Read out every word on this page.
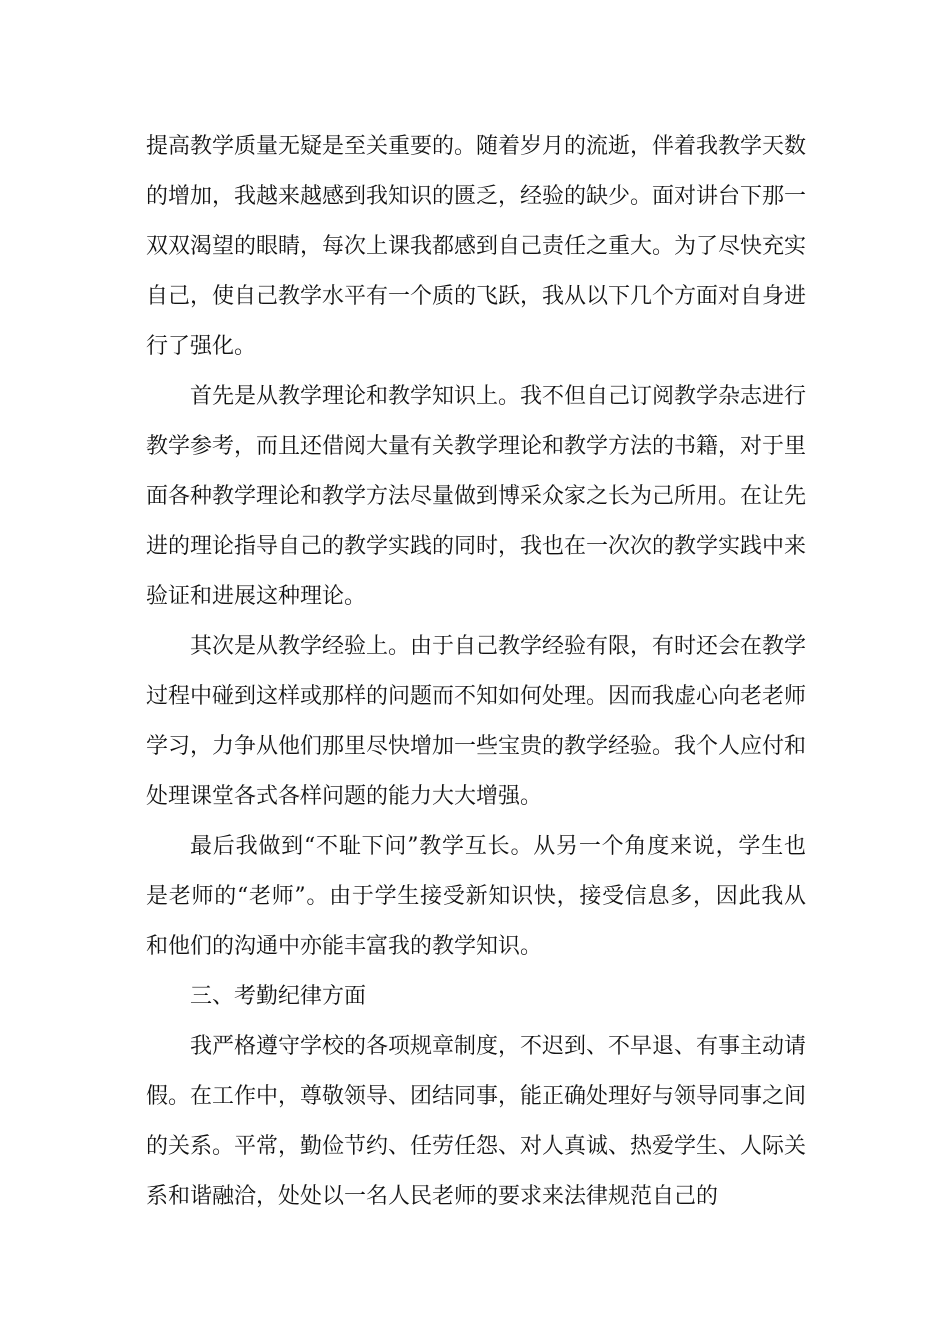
提高教学质量无疑是至关重要的。随着岁月的流逝，伴着我教学天数的增加，我越来越感到我知识的匮乏，经验的缺少。面对讲台下那一双双渴望的眼睛，每次上课我都感到自己责任之重大。为了尽快充实自己，使自己教学水平有一个质的飞跃，我从以下几个方面对自身进行了强化。

首先是从教学理论和教学知识上。我不但自己订阅教学杂志进行教学参考，而且还借阅大量有关教学理论和教学方法的书籍，对于里面各种教学理论和教学方法尽量做到博采众家之长为己所用。在让先进的理论指导自己的教学实践的同时，我也在一次次的教学实践中来验证和进展这种理论。

其次是从教学经验上。由于自己教学经验有限，有时还会在教学过程中碰到这样或那样的问题而不知如何处理。因而我虚心向老老师学习，力争从他们那里尽快增加一些宝贵的教学经验。我个人应付和处理课堂各式各样问题的能力大大增强。

最后我做到“不耻下问”教学互长。从另一个角度来说，学生也是老师的“老师”。由于学生接受新知识快，接受信息多，因此我从和他们的沟通中亦能丰富我的教学知识。

三、考勤纪律方面

我严格遵守学校的各项规章制度，不迟到、不早退、有事主动请假。在工作中，尊敬领导、团结同事，能正确处理好与领导同事之间的关系。平常，勤俭节约、任劳任怨、对人真诚、热爱学生、人际关系和谐融洽，处处以一名人民老师的要求来法律规范自己的
